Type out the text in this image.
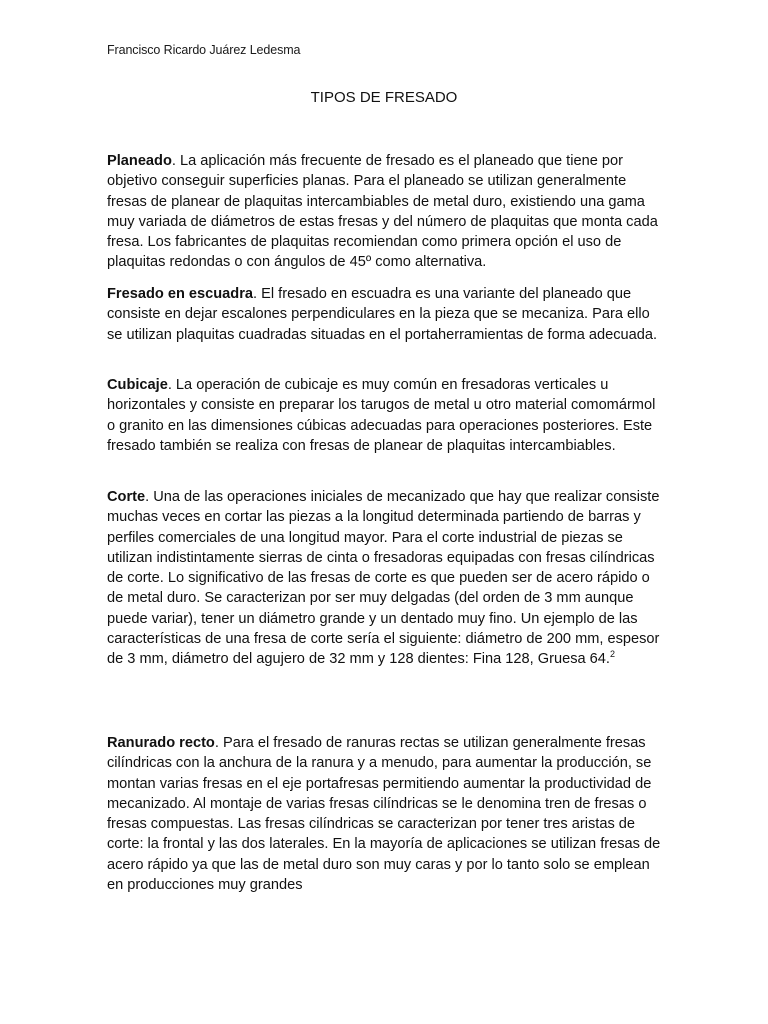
Francisco Ricardo Juárez Ledesma
TIPOS DE FRESADO

Planeado. La aplicación más frecuente de fresado es el planeado que tiene por objetivo conseguir superficies planas. Para el planeado se utilizan generalmente fresas de planear de plaquitas intercambiables de metal duro, existiendo una gama muy variada de diámetros de estas fresas y del número de plaquitas que monta cada fresa. Los fabricantes de plaquitas recomiendan como primera opción el uso de plaquitas redondas o con ángulos de 45º como alternativa.

Fresado en escuadra. El fresado en escuadra es una variante del planeado que consiste en dejar escalones perpendiculares en la pieza que se mecaniza. Para ello se utilizan plaquitas cuadradas situadas en el portaherramientas de forma adecuada.

Cubicaje. La operación de cubicaje es muy común en fresadoras verticales u horizontales y consiste en preparar los tarugos de metal u otro material comomármol o granito en las dimensiones cúbicas adecuadas para operaciones posteriores. Este fresado también se realiza con fresas de planear de plaquitas intercambiables.

Corte. Una de las operaciones iniciales de mecanizado que hay que realizar consiste muchas veces en cortar las piezas a la longitud determinada partiendo de barras y perfiles comerciales de una longitud mayor. Para el corte industrial de piezas se utilizan indistintamente sierras de cinta o fresadoras equipadas con fresas cilíndricas de corte. Lo significativo de las fresas de corte es que pueden ser de acero rápido o de metal duro. Se caracterizan por ser muy delgadas (del orden de 3 mm aunque puede variar), tener un diámetro grande y un dentado muy fino. Un ejemplo de las características de una fresa de corte sería el siguiente: diámetro de 200 mm, espesor de 3 mm, diámetro del agujero de 32 mm y 128 dientes: Fina 128, Gruesa 64.$^2$

Ranurado recto. Para el fresado de ranuras rectas se utilizan generalmente fresas cilíndricas con la anchura de la ranura y a menudo, para aumentar la producción, se montan varias fresas en el eje portafresas permitiendo aumentar la productividad de mecanizado. Al montaje de varias fresas cilíndricas se le denomina tren de fresas o fresas compuestas. Las fresas cilíndricas se caracterizan por tener tres aristas de corte: la frontal y las dos laterales. En la mayoría de aplicaciones se utilizan fresas de acero rápido ya que las de metal duro son muy caras y por lo tanto solo se emplean en producciones muy grandes
